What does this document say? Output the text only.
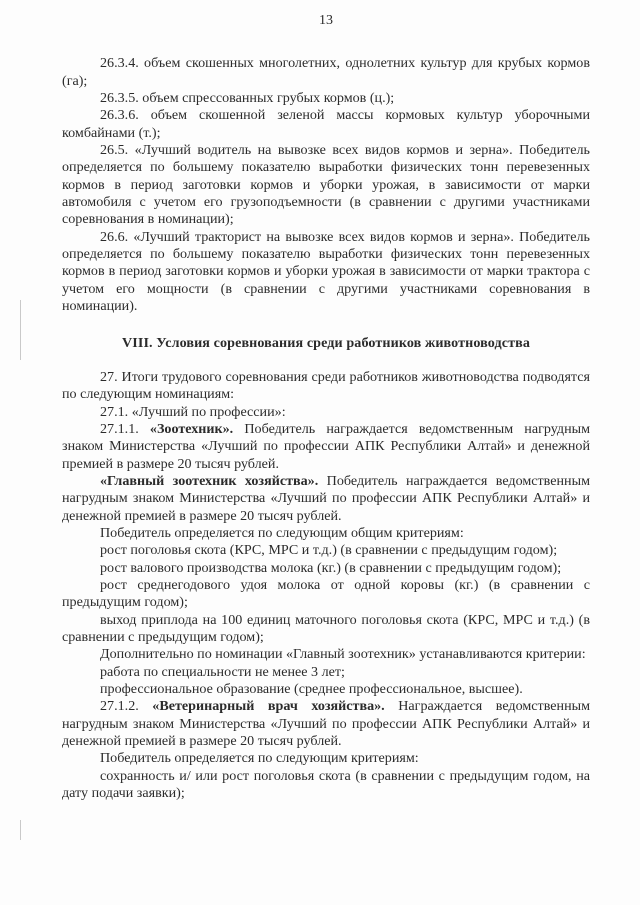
13

26.3.4. объем скошенных многолетних, однолетних культур для крубых кормов (га);

26.3.5. объем спрессованных грубых кормов (ц.);

26.3.6. объем скошенной зеленой массы кормовых культур уборочными комбайнами (т.);

26.5. «Лучший водитель на вывозке всех видов кормов и зерна». Победитель определяется по большему показателю выработки физических тонн перевезенных кормов в период заготовки кормов и уборки урожая, в зависимости от марки автомобиля с учетом его грузоподъемности (в сравнении с другими участниками соревнования в номинации);

26.6. «Лучший тракторист на вывозке всех видов кормов и зерна». Победитель определяется по большему показателю выработки физических тонн перевезенных кормов в период заготовки кормов и уборки урожая в зависимости от марки трактора с учетом его мощности (в сравнении с другими участниками соревнования в номинации).

VIII. Условия соревнования среди работников животноводства

27. Итоги трудового соревнования среди работников животноводства подводятся по следующим номинациям:

27.1. «Лучший по профессии»:

27.1.1. «Зоотехник». Победитель награждается ведомственным нагрудным знаком Министерства «Лучший по профессии АПК Республики Алтай» и денежной премией в размере 20 тысяч рублей.

«Главный зоотехник хозяйства». Победитель награждается ведомственным нагрудным знаком Министерства «Лучший по профессии АПК Республики Алтай» и денежной премией в размере 20 тысяч рублей.

Победитель определяется по следующим общим критериям:

рост поголовья скота (КРС, МРС и т.д.) (в сравнении с предыдущим годом);

рост валового производства молока (кг.) (в сравнении с предыдущим годом);

рост среднегодового удоя молока от одной коровы (кг.) (в сравнении с предыдущим годом);

выход приплода на 100 единиц маточного поголовья скота (КРС, МРС и т.д.) (в сравнении с предыдущим годом);

Дополнительно по номинации «Главный зоотехник» устанавливаются критерии:

работа по специальности не менее 3 лет;

профессиональное образование (среднее профессиональное, высшее).

27.1.2. «Ветеринарный врач хозяйства». Награждается ведомственным нагрудным знаком Министерства «Лучший по профессии АПК Республики Алтай» и денежной премией в размере 20 тысяч рублей.

Победитель определяется по следующим критериям:

сохранность и/ или рост поголовья скота (в сравнении с предыдущим годом, на дату подачи заявки);
